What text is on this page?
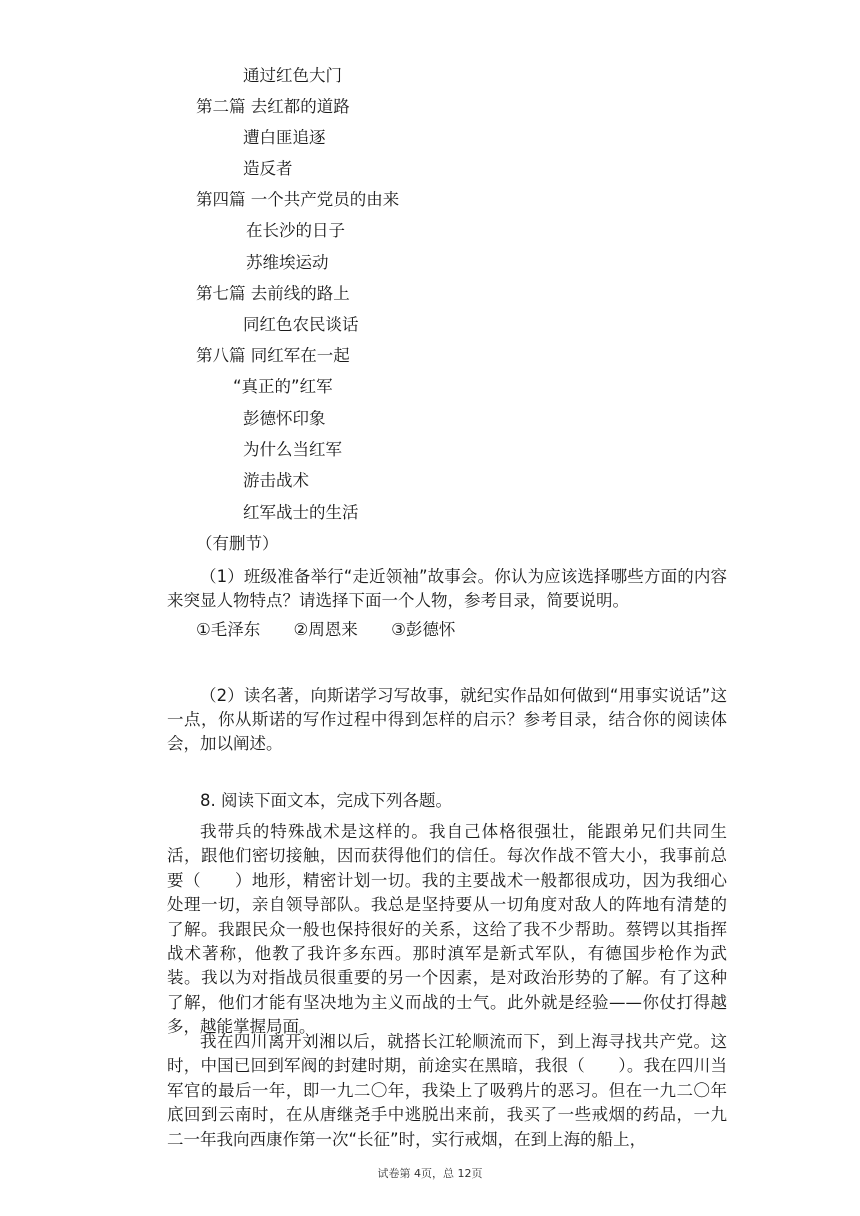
通过红色大门
第二篇 去红都的道路
遭白匪追逐
造反者
第四篇 一个共产党员的由来
在长沙的日子
苏维埃运动
第七篇 去前线的路上
同红色农民谈话
第八篇 同红军在一起
“真正的”红军
彭德怀印象
为什么当红军
游击战术
红军战士的生活
（有删节）
（1）班级准备举行“走近领袖”故事会。你认为应该选择哪些方面的内容来突显人物特点？请选择下面一个人物，参考目录，简要说明。
①毛泽东 ②周恩来 ③彭德怀
（2）读名著，向斯诺学习写故事，就纪实作品如何做到“用事实说话”这一点，你从斯诺的写作过程中得到怎样的启示？参考目录，结合你的阅读体会，加以阐述。
8. 阅读下面文本，完成下列各题。
我带兵的特殊战术是这样的。我自己体格很强壮，能跟弟兄们共同生活，跟他们密切接触，因而获得他们的信任。每次作战不管大小，我事前总要（　　）地形，精密计划一切。我的主要战术一般都很成功，因为我细心处理一切，亲自领导部队。我总是坚持要从一切角度对敌人的阵地有清楚的了解。我跟民众一般也保持很好的关系，这给了我不少帮助。蔡锷以其指挥战术著称，他教了我许多东西。那时滇军是新式军队，有德国步枪作为武装。我以为对指战员很重要的另一个因素，是对政治形势的了解。有了这种了解，他们才能有坚决地为主义而战的士气。此外就是经验——你仗打得越多，越能掌握局面。
我在四川离开刘湘以后，就搭长江轮顺流而下，到上海寻找共产党。这时，中国已回到军阀的封建时期，前途实在黑暗，我很（　　）。我在四川当军官的最后一年，即一九二〇年，我染上了吸鸦片的恶习。但在一九二〇年底回到云南时，在从唐继尧手中逃脱出来前，我买了一些戒烟的药品，一九二一年我向西康作第一次“长征”时，实行戒烟，在到上海的船上，
试卷第 4页，总 12页
